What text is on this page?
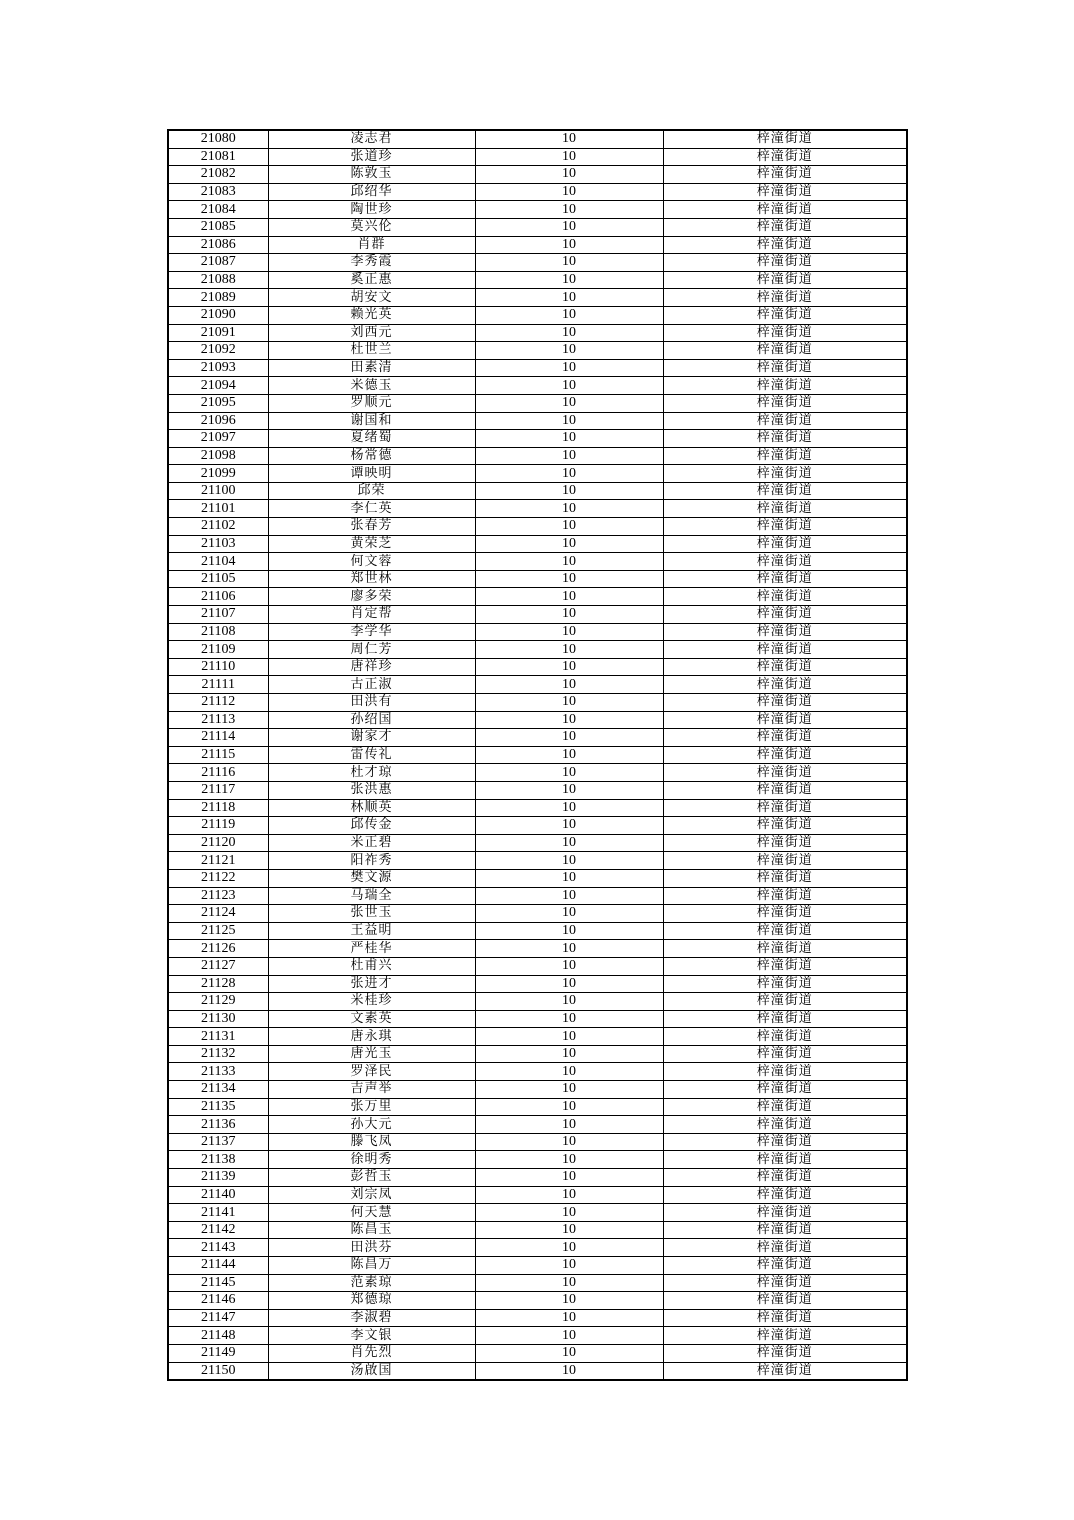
21080	凌志君	10	梓潼街道
21081	张道珍	10	梓潼街道
21082	陈敦玉	10	梓潼街道
21083	邱绍华	10	梓潼街道
21084	陶世珍	10	梓潼街道
21085	莫兴伦	10	梓潼街道
21086	肖群	10	梓潼街道
21087	李秀霞	10	梓潼街道
21088	奚正惠	10	梓潼街道
21089	胡安文	10	梓潼街道
21090	赖光英	10	梓潼街道
21091	刘西元	10	梓潼街道
21092	杜世兰	10	梓潼街道
21093	田素清	10	梓潼街道
21094	米德玉	10	梓潼街道
21095	罗顺元	10	梓潼街道
21096	谢国和	10	梓潼街道
21097	夏绪蜀	10	梓潼街道
21098	杨常德	10	梓潼街道
21099	谭映明	10	梓潼街道
21100	邱荣	10	梓潼街道
21101	李仁英	10	梓潼街道
21102	张春芳	10	梓潼街道
21103	黄荣芝	10	梓潼街道
21104	何文蓉	10	梓潼街道
21105	郑世林	10	梓潼街道
21106	廖多荣	10	梓潼街道
21107	肖定帮	10	梓潼街道
21108	李学华	10	梓潼街道
21109	周仁芳	10	梓潼街道
21110	唐祥珍	10	梓潼街道
21111	古正淑	10	梓潼街道
21112	田洪有	10	梓潼街道
21113	孙绍国	10	梓潼街道
21114	谢家才	10	梓潼街道
21115	雷传礼	10	梓潼街道
21116	杜才琼	10	梓潼街道
21117	张洪惠	10	梓潼街道
21118	林顺英	10	梓潼街道
21119	邱传金	10	梓潼街道
21120	米正碧	10	梓潼街道
21121	阳祚秀	10	梓潼街道
21122	樊文源	10	梓潼街道
21123	马瑞全	10	梓潼街道
21124	张世玉	10	梓潼街道
21125	王益明	10	梓潼街道
21126	严桂华	10	梓潼街道
21127	杜甫兴	10	梓潼街道
21128	张进才	10	梓潼街道
21129	米桂珍	10	梓潼街道
21130	文素英	10	梓潼街道
21131	唐永琪	10	梓潼街道
21132	唐光玉	10	梓潼街道
21133	罗泽民	10	梓潼街道
21134	吉声举	10	梓潼街道
21135	张万里	10	梓潼街道
21136	孙大元	10	梓潼街道
21137	滕飞凤	10	梓潼街道
21138	徐明秀	10	梓潼街道
21139	彭哲玉	10	梓潼街道
21140	刘宗凤	10	梓潼街道
21141	何天慧	10	梓潼街道
21142	陈昌玉	10	梓潼街道
21143	田洪芬	10	梓潼街道
21144	陈昌万	10	梓潼街道
21145	范素琼	10	梓潼街道
21146	郑德琼	10	梓潼街道
21147	李淑碧	10	梓潼街道
21148	李文银	10	梓潼街道
21149	肖先烈	10	梓潼街道
21150	汤啟国	10	梓潼街道
